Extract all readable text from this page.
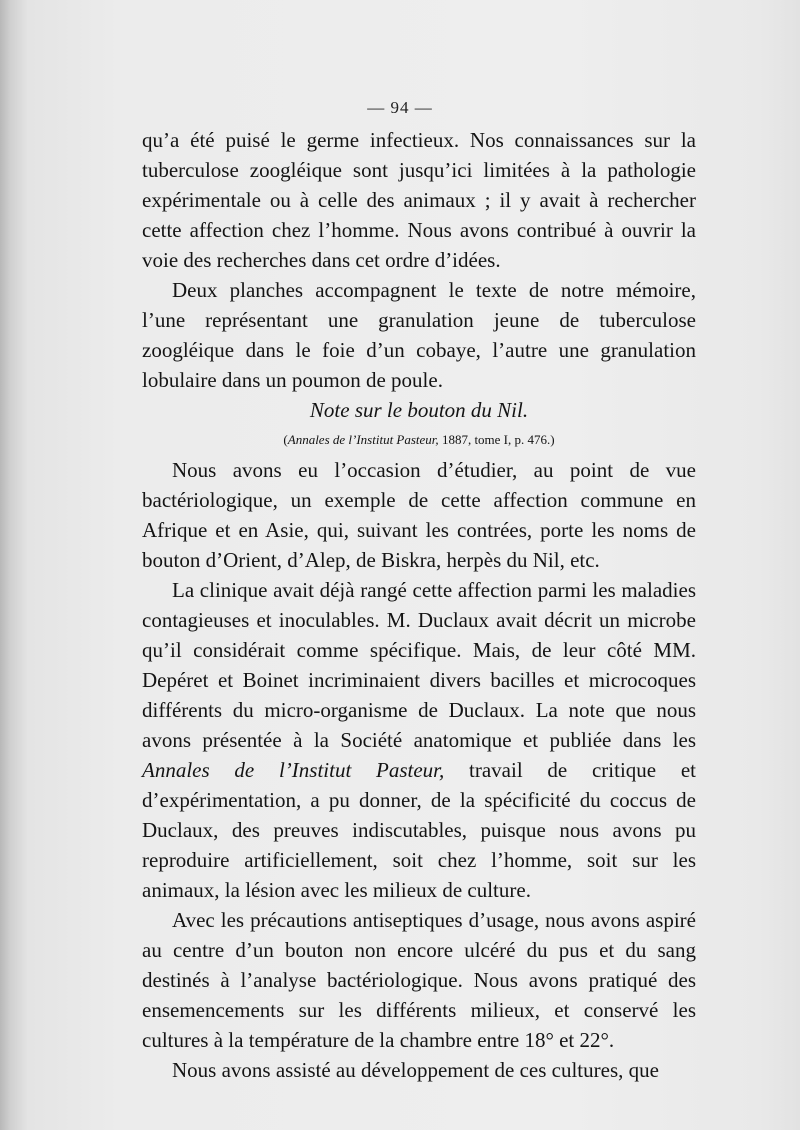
— 94 —

qu’a été puisé le germe infectieux. Nos connaissances sur la tuberculose zoogléique sont jusqu’ici limitées à la pathologie expérimentale ou à celle des animaux ; il y avait à rechercher cette affection chez l’homme. Nous avons contribué à ouvrir la voie des recherches dans cet ordre d’idées.

Deux planches accompagnent le texte de notre mémoire, l’une représentant une granulation jeune de tuberculose zoogléique dans le foie d’un cobaye, l’autre une granulation lobulaire dans un poumon de poule.

Note sur le bouton du Nil.

(Annales de l’Institut Pasteur, 1887, tome I, p. 476.)

Nous avons eu l’occasion d’étudier, au point de vue bactériologique, un exemple de cette affection commune en Afrique et en Asie, qui, suivant les contrées, porte les noms de bouton d’Orient, d’Alep, de Biskra, herpès du Nil, etc.

La clinique avait déjà rangé cette affection parmi les maladies contagieuses et inoculables. M. Duclaux avait décrit un microbe qu’il considérait comme spécifique. Mais, de leur côté MM. Depéret et Boinet incriminaient divers bacilles et microcoques différents du micro-organisme de Duclaux. La note que nous avons présentée à la Société anatomique et publiée dans les Annales de l’Institut Pasteur, travail de critique et d’expérimentation, a pu donner, de la spécificité du coccus de Duclaux, des preuves indiscutables, puisque nous avons pu reproduire artificiellement, soit chez l’homme, soit sur les animaux, la lésion avec les milieux de culture.

Avec les précautions antiseptiques d’usage, nous avons aspiré au centre d’un bouton non encore ulcéré du pus et du sang destinés à l’analyse bactériologique. Nous avons pratiqué des ensemencements sur les différents milieux, et conservé les cultures à la température de la chambre entre 18° et 22°.

Nous avons assisté au développement de ces cultures, que
